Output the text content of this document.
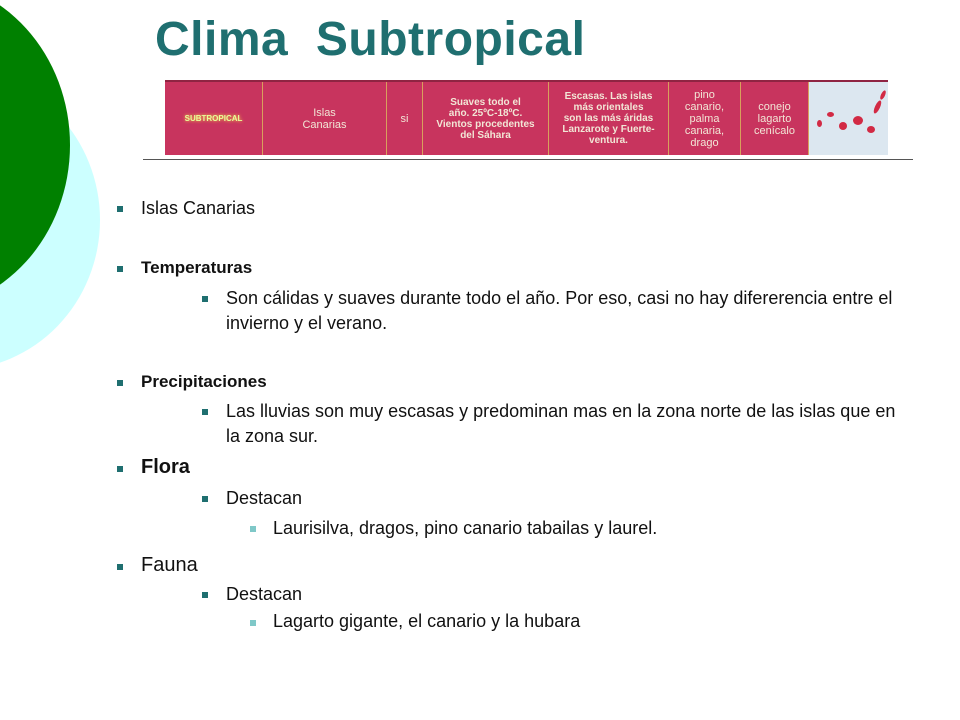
Clima  Subtropical
SUBTROPICAL	Islas
Canarias	si
Suaves todo el
año. 25ºC-18ºC.
Vientos procedentes
del Sáhara
Escasas. Las islas
más orientales
son las más áridas
Lanzarote y Fuerte-
ventura.
pino
canario,
palma
canaria,
drago
conejo
lagarto
cenícalo
Islas Canarias
Temperaturas
Son cálidas y suaves durante todo el año. Por eso, casi no hay difererencia entre el invierno y el verano.
Precipitaciones
Las lluvias son muy escasas y predominan mas en la zona norte de las islas que en la zona sur.
Flora
Destacan
Laurisilva, dragos, pino canario tabailas y laurel.
Fauna
Destacan
Lagarto gigante, el canario y la hubara
